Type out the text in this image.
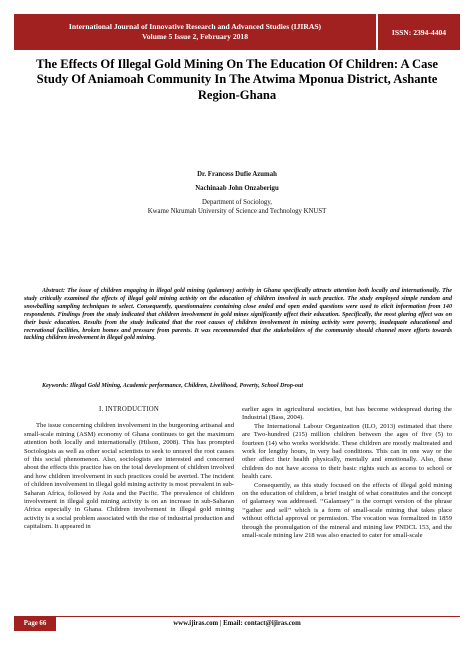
International Journal of Innovative Research and Advanced Studies (IJIRAS)
Volume 5 Issue 2, February 2018	ISSN: 2394-4404
The Effects Of Illegal Gold Mining On The Education Of Children: A Case Study Of Aniamoah Community In The Atwima Mponua District, Ashante Region-Ghana
Dr. Francess Dufie Azumah
Nachinaab John Onzaberigu
Department of Sociology,
Kwame Nkrumah University of Science and Technology KNUST
Abstract: The issue of children engaging in illegal gold mining (galamsey) activity in Ghana specifically attracts attention both locally and internationally. The study critically examined the effects of illegal gold mining activity on the education of children involved in such practice. The study employed simple random and snowballing sampling techniques to select. Consequently, questionnaires containing close ended and open ended questions were used to elicit information from 140 respondents. Findings from the study indicated that children involvement in gold mines significantly affect their education. Specifically, the most glaring effect was on their basic education. Results from the study indicated that the root causes of children involvement in mining activity were poverty, inadequate educational and recreational facilities, broken homes and pressure from parents. It was recommended that the stakeholders of the community should channel more efforts towards tackling children involvement in illegal gold mining.
Keywords: Illegal Gold Mining, Academic performance, Children, Livelihood, Poverty, School Drop-out
I. INTRODUCTION
The issue concerning children involvement in the burgeoning artisanal and small-scale mining (ASM) economy of Ghana continues to get the maximum attention both locally and internationally (Hilson, 2008). This has prompted Sociologists as well as other social scientists to seek to unravel the root causes of this social phenomenon. Also, sociologists are interested and concerned about the effects this practice has on the total development of children involved and how children involvement in such practices could be averted. The incident of children involvement in illegal gold mining activity is most prevalent in sub-Saharan Africa, followed by Asia and the Pacific. The prevalence of children involvement in illegal gold mining activity is on an increase in sub-Saharan Africa especially in Ghana. Children involvement in illegal gold mining activity is a social problem associated with the rise of industrial production and capitalism. It appeared in
earlier ages in agricultural societies, but has become widespread during the Industrial (Bass, 2004).
The International Labour Organization (ILO, 2013) estimated that there are Two-hundred (215) million children between the ages of five (5) to fourteen (14) who works worldwide. These children are mostly maltreated and work for lengthy hours, in very bad conditions. This can in one way or the other affect their health physically, mentally and emotionally. Also, these children do not have access to their basic rights such as access to school or health care.
Consequently, as this study focused on the effects of illegal gold mining on the education of children, a brief insight of what constitutes and the concept of galamsey was addressed. ‘‘Galamsey’’ is the corrupt version of the phrase ‘‘gather and sell’’ which is a form of small-scale mining that takes place without official approval or permission. The vocation was formalized in 1859 through the promulgation of the mineral and mining law PNDCL 153, and the small-scale mining law 218 was also enacted to cater for small-scale
Page 66	www.ijiras.com | Email: contact@ijiras.com
